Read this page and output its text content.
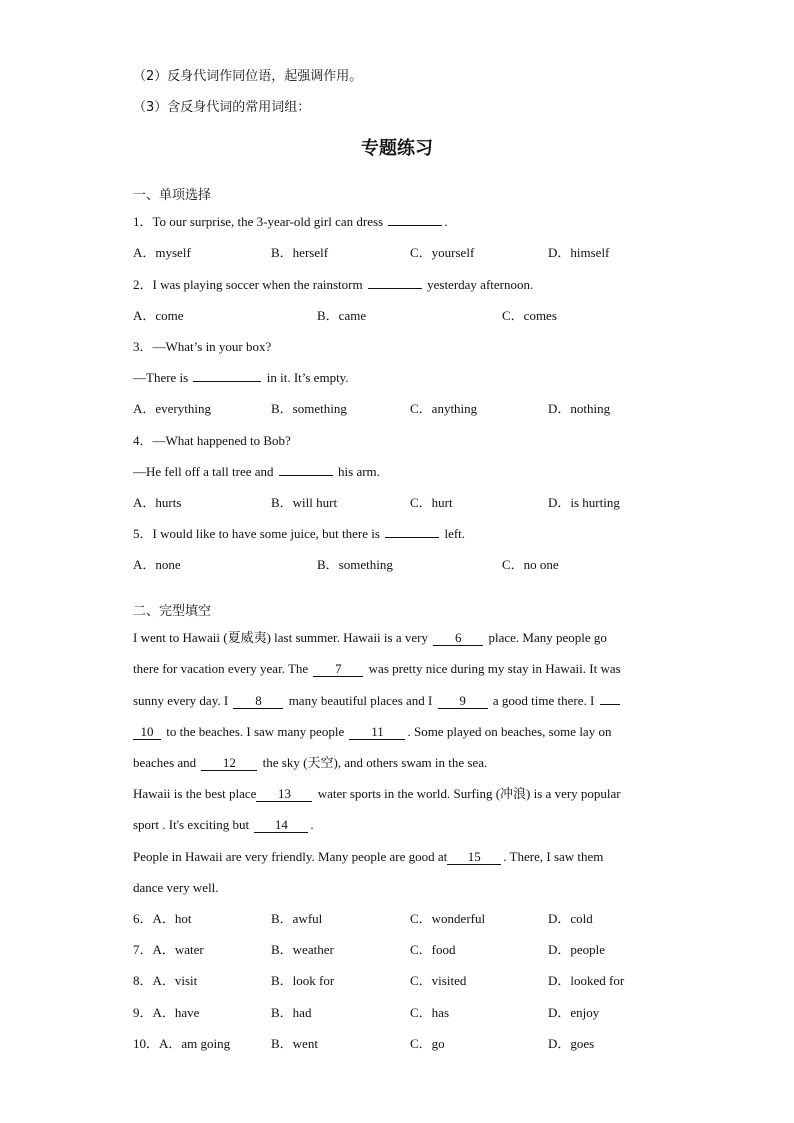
（2）反身代词作同位语，起强调作用。
（3）含反身代词的常用词组：
专题练习
一、单项选择
1．To our surprise, the 3-year-old girl can dress	.
A．myself	B．herself	C．yourself	D．himself
2．I was playing soccer when the rainstorm	yesterday afternoon.
A．come	B．came	C．comes
3．—What’s in your box?
—There is	in it. It’s empty.
A．everything	B．something	C．anything	D．nothing
4．—What happened to Bob?
—He fell off a tall tree and	his arm.
A．hurts	B．will hurt	C．hurt	D．is hurting
5．I would like to have some juice, but there is	left.
A．none	B．something	C．no one
二、完型填空
I went to Hawaii (夏威夷) last summer. Hawaii is a very 6 place. Many people go
there for vacation every year. The 7 was pretty nice during my stay in Hawaii. It was
sunny every day. I 8 many beautiful places and I 9 a good time there. I
10 to the beaches. I saw many people 11 . Some played on beaches, some lay on
beaches and 12 the sky (天空), and others swam in the sea.
Hawaii is the best place 13 water sports in the world. Surfing (冲浪) is a very popular
sport . It's exciting but 14 .
People in Hawaii are very friendly. Many people are good at 15 . There, I saw them
dance very well.
6．A．hot	B．awful	C．wonderful	D．cold
7．A．water	B．weather	C．food	D．people
8．A．visit	B．look for	C．visited	D．looked for
9．A．have	B．had	C．has	D．enjoy
10．A．am going	B．went	C．go	D．goes
